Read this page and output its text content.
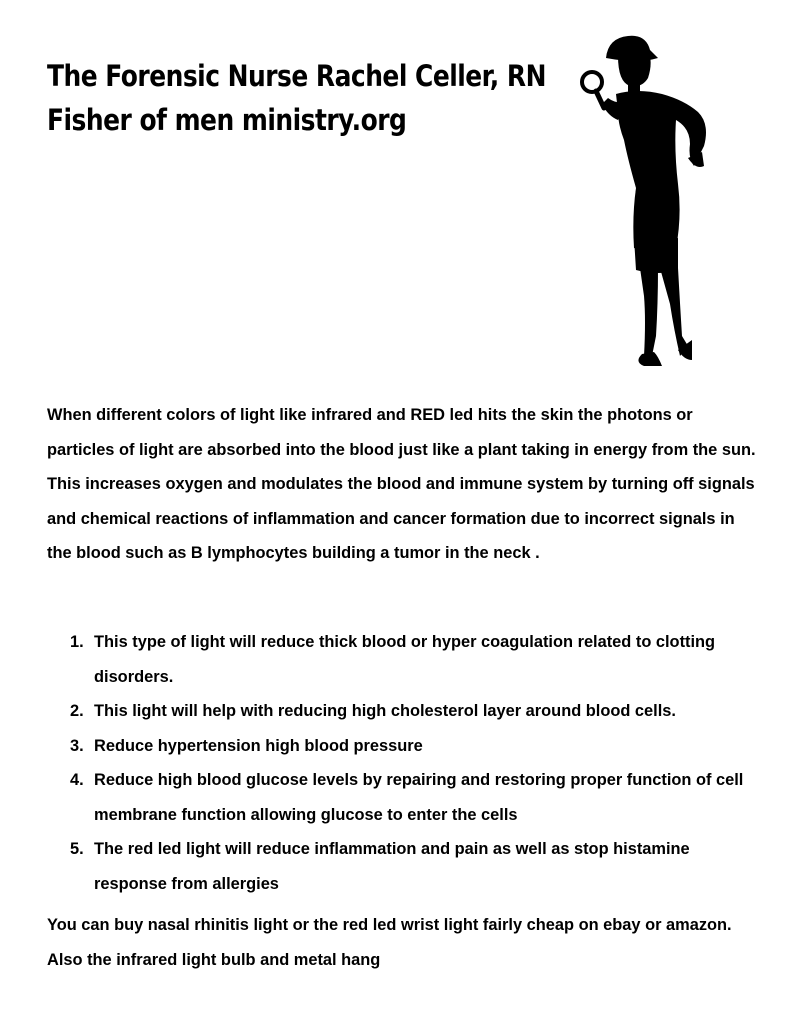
The Forensic Nurse Rachel Celler, RN
Fisher of men ministry.org

When different colors of light like infrared and RED led hits the skin the photons or particles of light are absorbed into the blood just like a plant taking in energy from the sun. This increases oxygen and modulates the blood and immune system by turning off signals and chemical reactions of inflammation and cancer formation due to incorrect signals in the blood such as B lymphocytes building a tumor in the neck .

1. This type of light will reduce thick blood or hyper coagulation related to clotting disorders.
2. This light will help with reducing high cholesterol layer around blood cells.
3. Reduce hypertension high blood pressure
4. Reduce high blood glucose levels by repairing and restoring proper function of cell membrane function allowing glucose to enter the cells
5. The red led light will reduce inflammation and pain as well as stop histamine response from allergies

You can buy nasal rhinitis light or the red led wrist light fairly cheap on ebay or amazon. Also the infrared light bulb and metal hang
